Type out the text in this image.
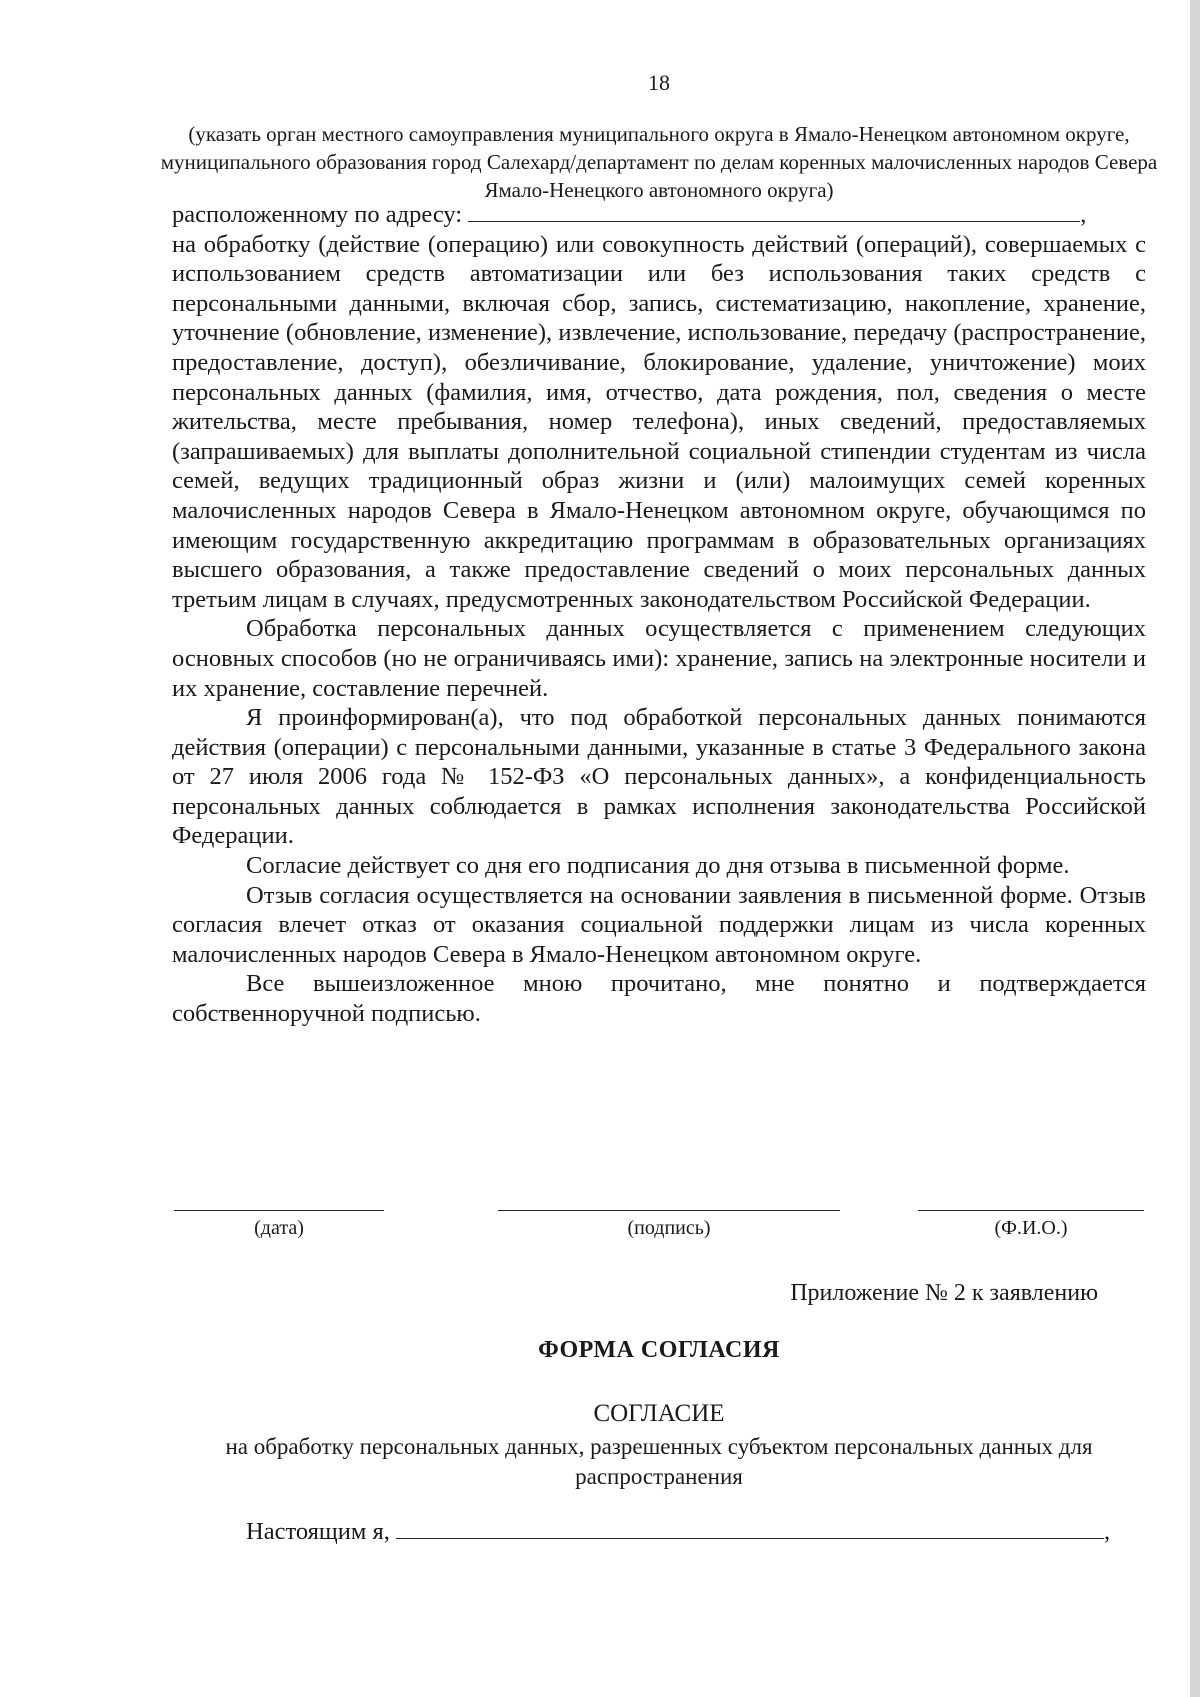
18
(указать орган местного самоуправления муниципального округа в Ямало-Ненецком автономном округе, муниципального образования город Салехард/департамент по делам коренных малочисленных народов Севера Ямало-Ненецкого автономного округа)

расположенному по адресу:	,

на обработку (действие (операцию) или совокупность действий (операций), совершаемых с использованием средств автоматизации или без использования таких средств с персональными данными, включая сбор, запись, систематизацию, накопление, хранение, уточнение (обновление, изменение), извлечение, использование, передачу (распространение, предоставление, доступ), обезличивание, блокирование, удаление, уничтожение) моих персональных данных (фамилия, имя, отчество, дата рождения, пол, сведения о месте жительства, месте пребывания, номер телефона), иных сведений, предоставляемых (запрашиваемых) для выплаты дополнительной социальной стипендии студентам из числа семей, ведущих традиционный образ жизни и (или) малоимущих семей коренных малочисленных народов Севера в Ямало-Ненецком автономном округе, обучающимся по имеющим государственную аккредитацию программам в образовательных организациях высшего образования, а также предоставление сведений о моих персональных данных третьим лицам в случаях, предусмотренных законодательством Российской Федерации.

Обработка персональных данных осуществляется с применением следующих основных способов (но не ограничиваясь ими): хранение, запись на электронные носители и их хранение, составление перечней.

Я проинформирован(а), что под обработкой персональных данных понимаются действия (операции) с персональными данными, указанные в статье 3 Федерального закона от 27 июля 2006 года № 152-ФЗ «О персональных данных», а конфиденциальность персональных данных соблюдается в рамках исполнения законодательства Российской Федерации.

Согласие действует со дня его подписания до дня отзыва в письменной форме.

Отзыв согласия осуществляется на основании заявления в письменной форме. Отзыв согласия влечет отказ от оказания социальной поддержки лицам из числа коренных малочисленных народов Севера в Ямало-Ненецком автономном округе.

Все вышеизложенное мною прочитано, мне понятно и подтверждается собственноручной подписью.

(дата)	(подпись)	(Ф.И.О.)
Приложение № 2 к заявлению
ФОРМА СОГЛАСИЯ
СОГЛАСИЕ
на обработку персональных данных, разрешенных субъектом персональных данных для распространения
Настоящим я,	,
